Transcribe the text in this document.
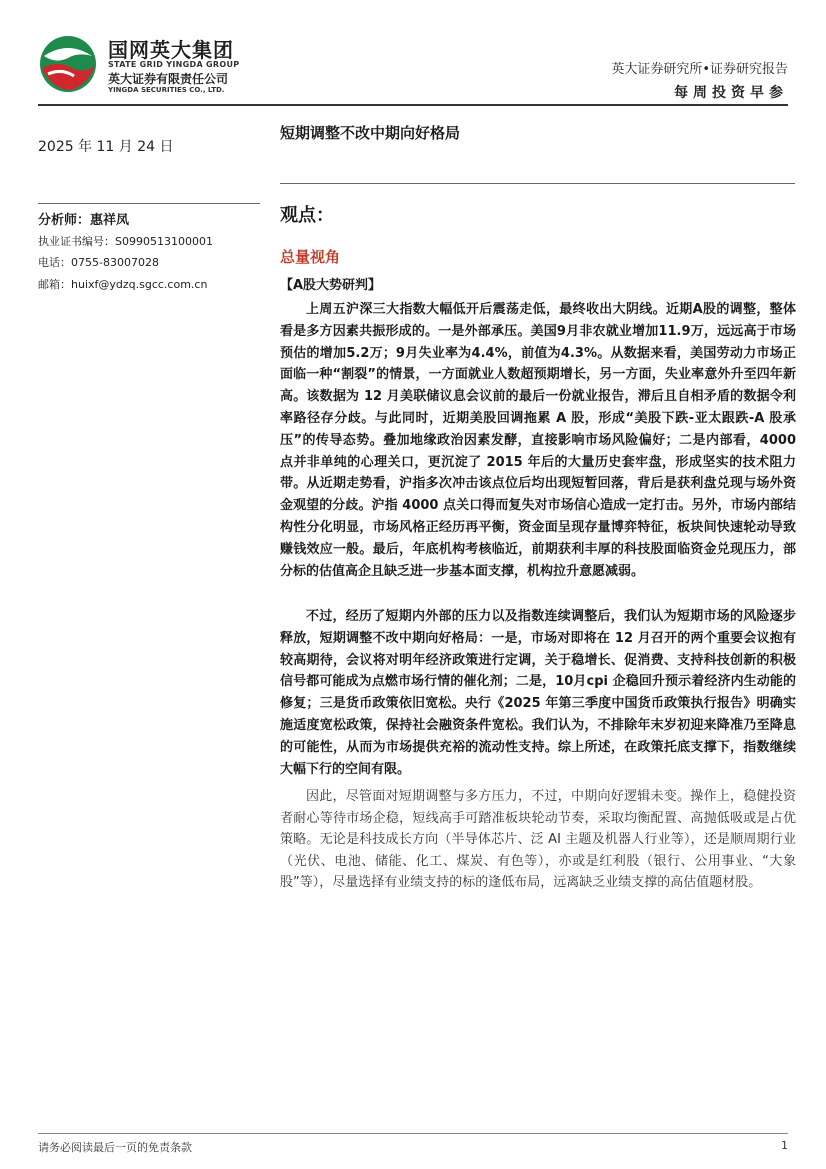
国网英大集团
STATE GRID YINGDA GROUP
英大证券有限责任公司
YINGDA SECURITIES CO., LTD.
英大证券研究所•证券研究报告
每周投资早参
2025 年 11 月 24 日
短期调整不改中期向好格局
分析师：惠祥凤
执业证书编号：S0990513100001
电话：0755-83007028
邮箱：huixf@ydzq.sgcc.com.cn
观点：
总量视角
【A股大势研判】
上周五沪深三大指数大幅低开后震荡走低，最终收出大阴线。近期A股的调整，整体看是多方因素共振形成的。一是外部承压。美国9月非农就业增加11.9万，远远高于市场预估的增加5.2万；9月失业率为4.4%，前值为4.3%。从数据来看，美国劳动力市场正面临一种“割裂”的情景，一方面就业人数超预期增长，另一方面，失业率意外升至四年新高。该数据为 12 月美联储议息会议前的最后一份就业报告，滞后且自相矛盾的数据令利率路径存分歧。与此同时，近期美股回调拖累 A 股，形成“美股下跌-亚太跟跌-A 股承压”的传导态势。叠加地缘政治因素发酵，直接影响市场风险偏好；二是内部看，4000 点并非单纯的心理关口，更沉淀了 2015 年后的大量历史套牢盘，形成坚实的技术阻力带。从近期走势看，沪指多次冲击该点位后均出现短暂回落，背后是获利盘兑现与场外资金观望的分歧。沪指 4000 点关口得而复失对市场信心造成一定打击。另外，市场内部结构性分化明显，市场风格正经历再平衡，资金面呈现存量博弈特征，板块间快速轮动导致赚钱效应一般。最后，年底机构考核临近，前期获利丰厚的科技股面临资金兑现压力，部分标的估值高企且缺乏进一步基本面支撑，机构拉升意愿减弱。
不过，经历了短期内外部的压力以及指数连续调整后，我们认为短期市场的风险逐步释放，短期调整不改中期向好格局：一是，市场对即将在 12 月召开的两个重要会议抱有较高期待，会议将对明年经济政策进行定调，关于稳增长、促消费、支持科技创新的积极信号都可能成为点燃市场行情的催化剂；二是，10月cpi 企稳回升预示着经济内生动能的修复；三是货币政策依旧宽松。央行《2025 年第三季度中国货币政策执行报告》明确实施适度宽松政策，保持社会融资条件宽松。我们认为，不排除年末岁初迎来降准乃至降息的可能性，从而为市场提供充裕的流动性支持。综上所述，在政策托底支撑下，指数继续大幅下行的空间有限。
因此，尽管面对短期调整与多方压力，不过，中期向好逻辑未变。操作上，稳健投资者耐心等待市场企稳，短线高手可踏准板块轮动节奏，采取均衡配置、高抛低吸或是占优策略。无论是科技成长方向（半导体芯片、泛 AI 主题及机器人行业等），还是顺周期行业（光伏、电池、储能、化工、煤炭、有色等），亦或是红利股（银行、公用事业、“大象股”等），尽量选择有业绩支持的标的逢低布局，远离缺乏业绩支撑的高估值题材股。
请务必阅读最后一页的免责条款	1
